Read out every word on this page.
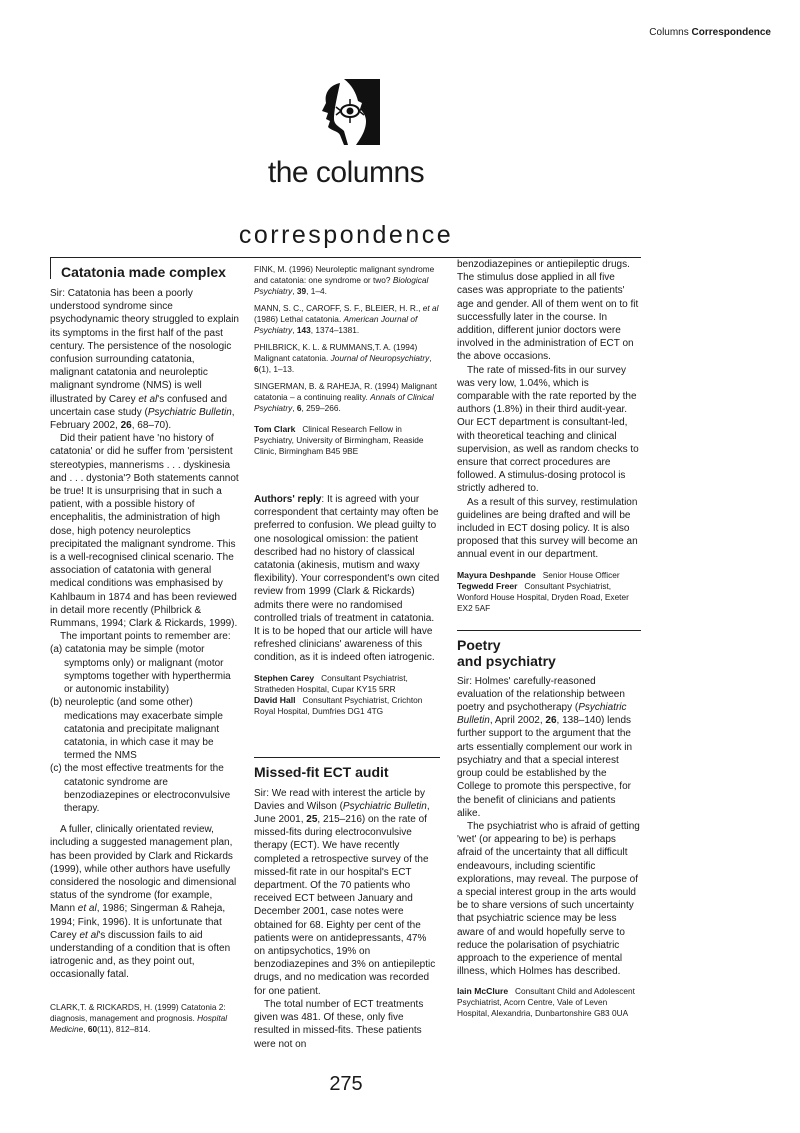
Columns Correspondence
the columns
correspondence
Catatonia made complex

Sir: Catatonia has been a poorly understood syndrome since psychodynamic theory struggled to explain its symptoms in the first half of the past century. The persistence of the nosologic confusion surrounding catatonia, malignant catatonia and neuroleptic malignant syndrome (NMS) is well illustrated by Carey et al's confused and uncertain case study (Psychiatric Bulletin, February 2002, 26, 68–70).

Did their patient have 'no history of catatonia' or did he suffer from 'persistent stereotypies, mannerisms . . . dyskinesia and . . . dystonia'? Both statements cannot be true! It is unsurprising that in such a patient, with a possible history of encephalitis, the administration of high dose, high potency neuroleptics precipitated the malignant syndrome. This is a well-recognised clinical scenario. The association of catatonia with general medical conditions was emphasised by Kahlbaum in 1874 and has been reviewed in detail more recently (Philbrick & Rummans, 1994; Clark & Rickards, 1999).

The important points to remember are:

(a) catatonia may be simple (motor symptoms only) or malignant (motor symptoms together with hyperthermia or autonomic instability)
(b) neuroleptic (and some other) medications may exacerbate simple catatonia and precipitate malignant catatonia, in which case it may be termed the NMS
(c) the most effective treatments for the catatonic syndrome are benzodiazepines or electroconvulsive therapy.

A fuller, clinically orientated review, including a suggested management plan, has been provided by Clark and Rickards (1999), while other authors have usefully considered the nosologic and dimensional status of the syndrome (for example, Mann et al, 1986; Singerman & Raheja, 1994; Fink, 1996). It is unfortunate that Carey et al's discussion fails to aid understanding of a condition that is often iatrogenic and, as they point out, occasionally fatal.

CLARK,T. & RICKARDS, H. (1999) Catatonia 2: diagnosis, management and prognosis. Hospital Medicine, 60(11), 812–814.

FINK, M. (1996) Neuroleptic malignant syndrome and catatonia: one syndrome or two? Biological Psychiatry, 39, 1–4.

MANN, S. C., CAROFF, S. F., BLEIER, H. R., et al (1986) Lethal catatonia. American Journal of Psychiatry, 143, 1374–1381.

PHILBRICK, K. L. & RUMMANS,T. A. (1994) Malignant catatonia. Journal of Neuropsychiatry, 6(1), 1–13.

SINGERMAN, B. & RAHEJA, R. (1994) Malignant catatonia – a continuing reality. Annals of Clinical Psychiatry, 6, 259–266.

Tom Clark Clinical Research Fellow in Psychiatry, University of Birmingham, Reaside Clinic, Birmingham B45 9BE

Authors' reply: It is agreed with your correspondent that certainty may often be preferred to confusion. We plead guilty to one nosological omission: the patient described had no history of classical catatonia (akinesis, mutism and waxy flexibility). Your correspondent's own cited review from 1999 (Clark & Rickards) admits there were no randomised controlled trials of treatment in catatonia. It is to be hoped that our article will have refreshed clinicians' awareness of this condition, as it is indeed often iatrogenic.

Stephen Carey Consultant Psychiatrist, Stratheden Hospital, Cupar KY15 5RR

David Hall Consultant Psychiatrist, Crichton Royal Hospital, Dumfries DG1 4TG

Missed-fit ECT audit

Sir: We read with interest the article by Davies and Wilson (Psychiatric Bulletin, June 2001, 25, 215–216) on the rate of missed-fits during electroconvulsive therapy (ECT). We have recently completed a retrospective survey of the missed-fit rate in our hospital's ECT department. Of the 70 patients who received ECT between January and December 2001, case notes were obtained for 68. Eighty per cent of the patients were on antidepressants, 47% on antipsychotics, 19% on benzodiazepines and 3% on antiepileptic drugs, and no medication was recorded for one patient.

The total number of ECT treatments given was 481. Of these, only five resulted in missed-fits. These patients were not on

benzodiazepines or antiepileptic drugs. The stimulus dose applied in all five cases was appropriate to the patients' age and gender. All of them went on to fit successfully later in the course. In addition, different junior doctors were involved in the administration of ECT on the above occasions.

The rate of missed-fits in our survey was very low, 1.04%, which is comparable with the rate reported by the authors (1.8%) in their third audit-year. Our ECT department is consultant-led, with theoretical teaching and clinical supervision, as well as random checks to ensure that correct procedures are followed. A stimulus-dosing protocol is strictly adhered to.

As a result of this survey, restimulation guidelines are being drafted and will be included in ECT dosing policy. It is also proposed that this survey will become an annual event in our department.

Mayura Deshpande Senior House Officer

Tegwedd Freer Consultant Psychiatrist, Wonford House Hospital, Dryden Road, Exeter EX2 5AF

Poetry
and psychiatry

Sir: Holmes' carefully-reasoned evaluation of the relationship between poetry and psychotherapy (Psychiatric Bulletin, April 2002, 26, 138–140) lends further support to the argument that the arts essentially complement our work in psychiatry and that a special interest group could be established by the College to promote this perspective, for the benefit of clinicians and patients alike.

The psychiatrist who is afraid of getting 'wet' (or appearing to be) is perhaps afraid of the uncertainty that all difficult endeavours, including scientific explorations, may reveal. The purpose of a special interest group in the arts would be to share versions of such uncertainty that psychiatric science may be less aware of and would hopefully serve to reduce the polarisation of psychiatric approach to the experience of mental illness, which Holmes has described.

Iain McClure Consultant Child and Adolescent Psychiatrist, Acorn Centre, Vale of Leven Hospital, Alexandria, Dunbartonshire G83 0UA

275
